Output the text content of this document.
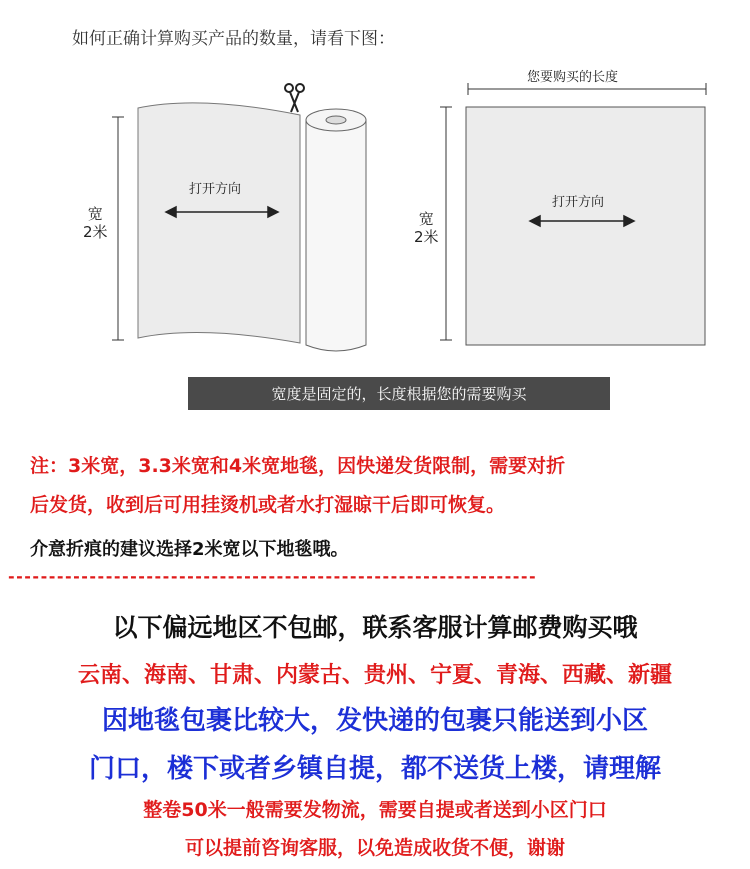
如何正确计算购买产品的数量，请看下图：
宽
2米
打开方向
您要购买的长度
宽
2米
打开方向
宽度是固定的，长度根据您的需要购买
注：3米宽，3.3米宽和4米宽地毯，因快递发货限制，需要对折
后发货，收到后可用挂烫机或者水打湿晾干后即可恢复。
介意折痕的建议选择2米宽以下地毯哦。
-----------------------------------------------------------------
以下偏远地区不包邮，联系客服计算邮费购买哦
云南、海南、甘肃、内蒙古、贵州、宁夏、青海、西藏、新疆
因地毯包裹比较大，发快递的包裹只能送到小区
门口，楼下或者乡镇自提，都不送货上楼，请理解
整卷50米一般需要发物流，需要自提或者送到小区门口
可以提前咨询客服，以免造成收货不便，谢谢
